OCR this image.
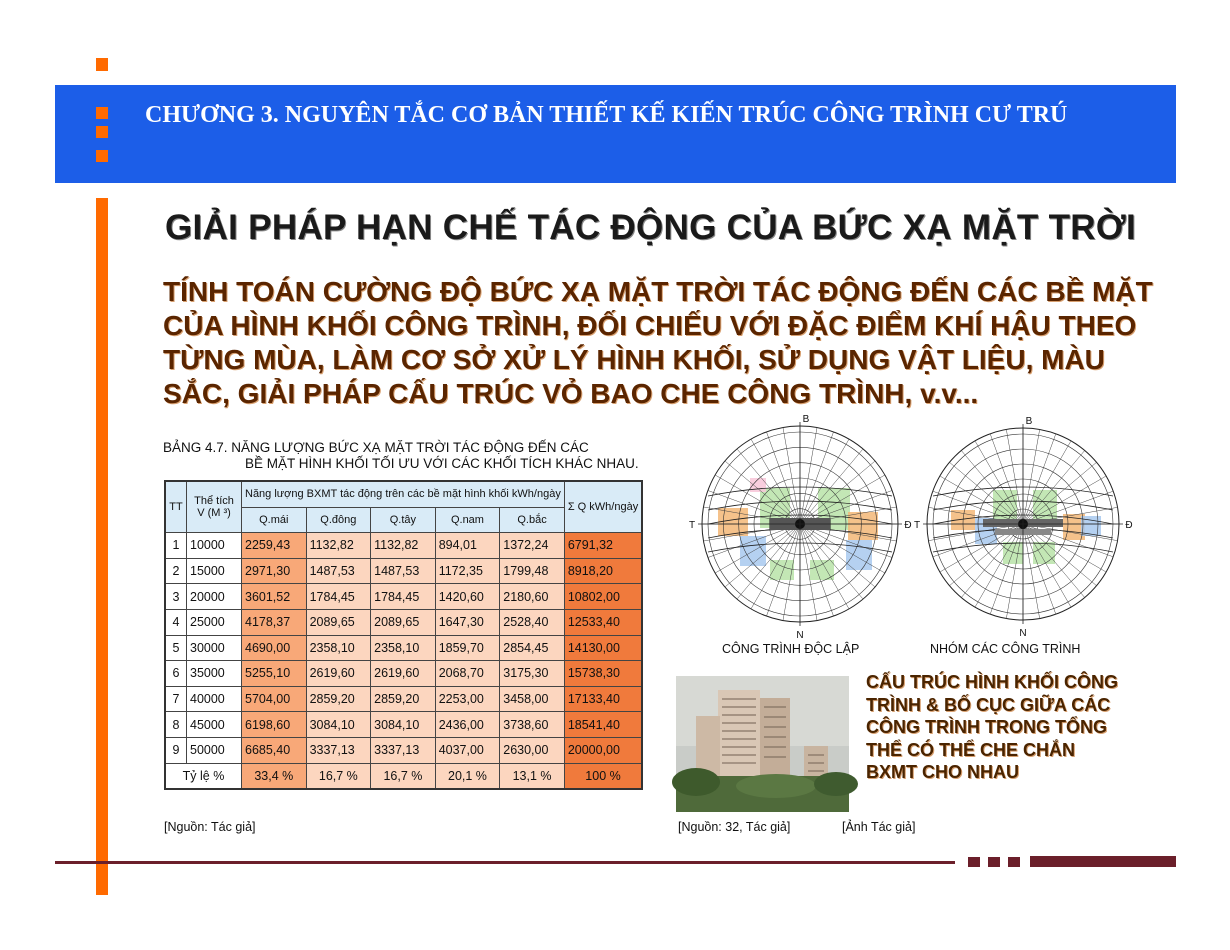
CHƯƠNG 3. NGUYÊN TẮC CƠ BẢN THIẾT KẾ KIẾN TRÚC CÔNG TRÌNH CƯ TRÚ
GIẢI PHÁP HẠN CHẾ TÁC ĐỘNG CỦA BỨC XẠ MẶT TRỜI
TÍNH TOÁN CƯỜNG ĐỘ BỨC XẠ MẶT TRỜI TÁC ĐỘNG ĐẾN CÁC BỀ MẶT CỦA HÌNH KHỐI CÔNG TRÌNH, ĐỐI CHIẾU VỚI ĐẶC ĐIỂM KHÍ HẬU THEO TỪNG MÙA, LÀM CƠ SỞ XỬ LÝ HÌNH KHỐI, SỬ DỤNG VẬT LIỆU, MÀU SẮC, GIẢI PHÁP CẤU TRÚC VỎ BAO CHE CÔNG TRÌNH, v.v...
BẢNG 4.7. NĂNG LƯỢNG BỨC XẠ MẶT TRỜI TÁC ĐỘNG ĐẾN CÁC
BỀ MẶT HÌNH KHỐI TỐI ƯU VỚI CÁC KHỐI TÍCH KHÁC NHAU.
TT	Thể tích V (M ³)	Năng lượng BXMT tác động trên các bề mặt hình khối kWh/ngày					Σ Q kWh/ngày
		Q.mái	Q.đông	Q.tây	Q.nam	Q.bắc	
1	10000	2259,43	1132,82	1132,82	894,01	1372,24	6791,32
2	15000	2971,30	1487,53	1487,53	1172,35	1799,48	8918,20
3	20000	3601,52	1784,45	1784,45	1420,60	2180,60	10802,00
4	25000	4178,37	2089,65	2089,65	1647,30	2528,40	12533,40
5	30000	4690,00	2358,10	2358,10	1859,70	2854,45	14130,00
6	35000	5255,10	2619,60	2619,60	2068,70	3175,30	15738,30
7	40000	5704,00	2859,20	2859,20	2253,00	3458,00	17133,40
8	45000	6198,60	3084,10	3084,10	2436,00	3738,60	18541,40
9	50000	6685,40	3337,13	3337,13	4037,00	2630,00	20000,00
Tỷ lệ %		33,4 %	16,7 %	16,7 %	20,1 %	13,1 %	100 %
[Nguồn: Tác giả]
B
N
T	Đ
B
N
T	Đ
CÔNG TRÌNH ĐỘC LẬP	NHÓM CÁC CÔNG TRÌNH
CẤU TRÚC HÌNH KHỐI CÔNG TRÌNH & BỐ CỤC GIỮA CÁC CÔNG TRÌNH TRONG TỔNG THỂ CÓ THỂ CHE CHẮN BXMT CHO NHAU
[Nguồn: 32, Tác giả]	[Ảnh Tác giả]
